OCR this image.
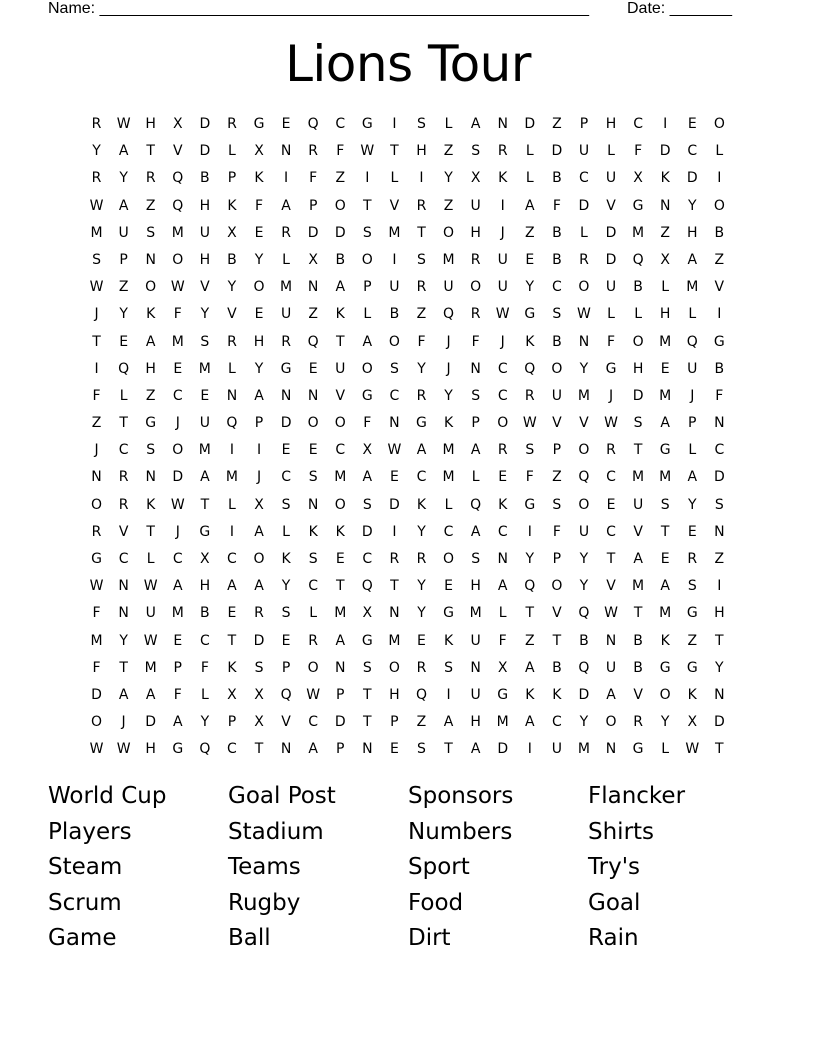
Name: _______________________________________________________ Date: _______
Lions Tour
R	W	H	X	D	R	G	E	Q	C	G	I	S	L	A	N	D	Z	P	H	C	I	E	O
Y	A	T	V	D	L	X	N	R	F	W	T	H	Z	S	R	L	D	U	L	F	D	C	L
R	Y	R	Q	B	P	K	I	F	Z	I	L	I	Y	X	K	L	B	C	U	X	K	D	I
W	A	Z	Q	H	K	F	A	P	O	T	V	R	Z	U	I	A	F	D	V	G	N	Y	O
M	U	S	M	U	X	E	R	D	D	S	M	T	O	H	J	Z	B	L	D	M	Z	H	B
S	P	N	O	H	B	Y	L	X	B	O	I	S	M	R	U	E	B	R	D	Q	X	A	Z
W	Z	O	W	V	Y	O	M	N	A	P	U	R	U	O	U	Y	C	O	U	B	L	M	V
J	Y	K	F	Y	V	E	U	Z	K	L	B	Z	Q	R	W	G	S	W	L	L	H	L	I
T	E	A	M	S	R	H	R	Q	T	A	O	F	J	F	J	K	B	N	F	O	M	Q	G
I	Q	H	E	M	L	Y	G	E	U	O	S	Y	J	N	C	Q	O	Y	G	H	E	U	B
F	L	Z	C	E	N	A	N	N	V	G	C	R	Y	S	C	R	U	M	J	D	M	J	F
Z	T	G	J	U	Q	P	D	O	O	F	N	G	K	P	O	W	V	V	W	S	A	P	N
J	C	S	O	M	I	I	E	E	C	X	W	A	M	A	R	S	P	O	R	T	G	L	C
N	R	N	D	A	M	J	C	S	M	A	E	C	M	L	E	F	Z	Q	C	M	M	A	D
O	R	K	W	T	L	X	S	N	O	S	D	K	L	Q	K	G	S	O	E	U	S	Y	S
R	V	T	J	G	I	A	L	K	K	D	I	Y	C	A	C	I	F	U	C	V	T	E	N
G	C	L	C	X	C	O	K	S	E	C	R	R	O	S	N	Y	P	Y	T	A	E	R	Z
W	N	W	A	H	A	A	Y	C	T	Q	T	Y	E	H	A	Q	O	Y	V	M	A	S	I
F	N	U	M	B	E	R	S	L	M	X	N	Y	G	M	L	T	V	Q	W	T	M	G	H
M	Y	W	E	C	T	D	E	R	A	G	M	E	K	U	F	Z	T	B	N	B	K	Z	T
F	T	M	P	F	K	S	P	O	N	S	O	R	S	N	X	A	B	Q	U	B	G	G	Y
D	A	A	F	L	X	X	Q	W	P	T	H	Q	I	U	G	K	K	D	A	V	O	K	N
O	J	D	A	Y	P	X	V	C	D	T	P	Z	A	H	M	A	C	Y	O	R	Y	X	D
W W	H	G	Q	C	T	N	A	P	N	E	S	T	A	D	I	U	M	N	G	L	W	T
World Cup	Goal Post	Sponsors	Flancker
Players	Stadium	Numbers	Shirts
Steam	Teams	Sport	Try's
Scrum	Rugby	Food	Goal
Game	Ball	Dirt	Rain
